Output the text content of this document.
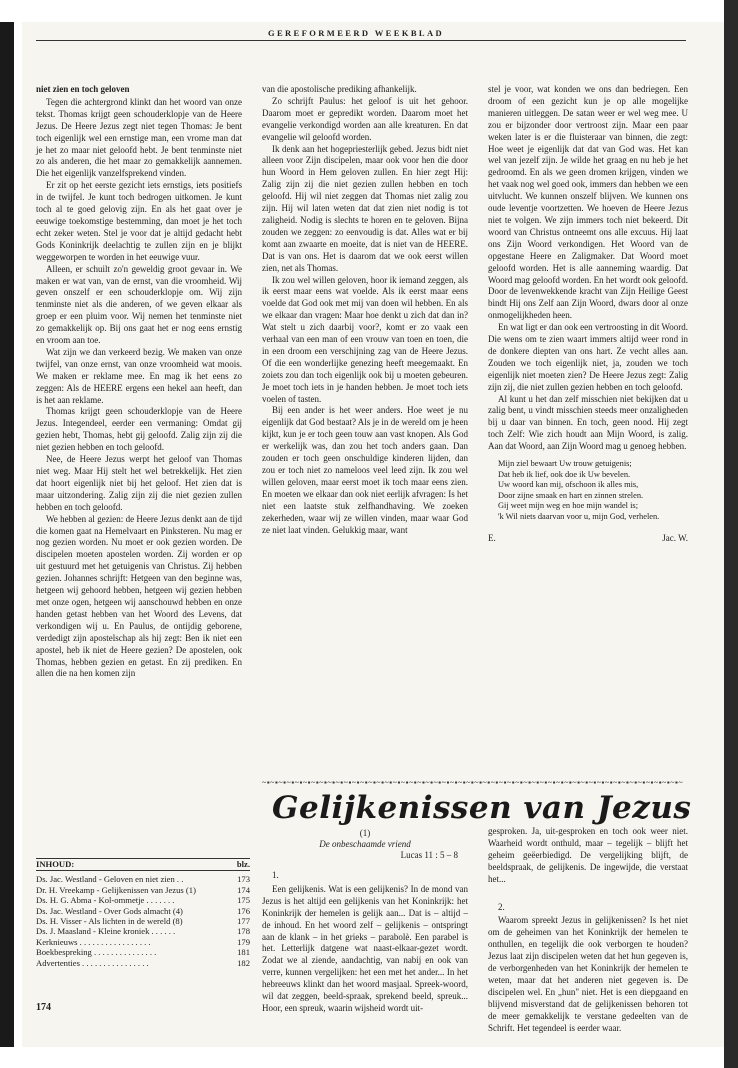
GEREFORMEERD WEEKBLAD
niet zien en toch geloven

Tegen die achtergrond klinkt dan het woord van onze tekst. Thomas krijgt geen schouderklopje van de Heere Jezus. De Heere Jezus zegt niet tegen Thomas: Je bent toch eigenlijk wel een ernstige man, een vrome man dat je het zo maar niet geloofd hebt. Je bent tenminste niet zo als anderen, die het maar zo gemakkelijk aannemen. Die het eigenlijk vanzelfsprekend vinden.

Er zit op het eerste gezicht iets ernstigs, iets positiefs in de twijfel. Je kunt toch bedrogen uitkomen. Je kunt toch al te goed gelovig zijn. En als het gaat over je eeuwige toekomstige bestemming, dan moet je het toch echt zeker weten. Stel je voor dat je altijd gedacht hebt Gods Koninkrijk deelachtig te zullen zijn en je blijkt weggeworpen te worden in het eeuwige vuur.

Alleen, er schuilt zo'n geweldig groot gevaar in. We maken er wat van, van de ernst, van die vroomheid. Wij geven onszelf er een schouderklopje om. Wij zijn tenminste niet als die anderen, of we geven elkaar als groep er een pluim voor. Wij nemen het tenminste niet zo gemakkelijk op. Bij ons gaat het er nog eens ernstig en vroom aan toe.

Wat zijn we dan verkeerd bezig. We maken van onze twijfel, van onze ernst, van onze vroomheid wat moois. We maken er reklame mee. En mag ik het eens zo zeggen: Als de HEERE ergens een hekel aan heeft, dan is het aan reklame.

Thomas krijgt geen schouderklopje van de Heere Jezus. Integendeel, eerder een vermaning: Omdat gij gezien hebt, Thomas, hebt gij geloofd. Zalig zijn zij die niet gezien hebben en toch geloofd.

Nee, de Heere Jezus werpt het geloof van Thomas niet weg. Maar Hij stelt het wel betrekkelijk. Het zien dat hoort eigenlijk niet bij het geloof. Het zien dat is maar uitzondering. Zalig zijn zij die niet gezien zullen hebben en toch geloofd.

We hebben al gezien: de Heere Jezus denkt aan de tijd die komen gaat na Hemelvaart en Pinksteren. Nu mag er nog gezien worden. Nu moet er ook gezien worden. De discipelen moeten apostelen worden. Zij worden er op uit gestuurd met het getuigenis van Christus. Zij hebben gezien. Johannes schrijft: Hetgeen van den beginne was, hetgeen wij gehoord hebben, hetgeen wij gezien hebben met onze ogen, hetgeen wij aanschouwd hebben en onze handen getast hebben van het Woord des Levens, dat verkondigen wij u. En Paulus, de ontijdig geborene, verdedigt zijn apostelschap als hij zegt: Ben ik niet een apostel, heb ik niet de Heere gezien? De apostelen, ook Thomas, hebben gezien en getast. En zij prediken. En allen die na hen komen zijn

van die apostolische prediking afhankelijk.

Zo schrijft Paulus: het geloof is uit het gehoor. Daarom moet er gepredikt worden. Daarom moet het evangelie verkondigd worden aan alle kreaturen. En dat evangelie wil geloofd worden.

Ik denk aan het hogepriesterlijk gebed. Jezus bidt niet alleen voor Zijn discipelen, maar ook voor hen die door hun Woord in Hem geloven zullen. En hier zegt Hij: Zalig zijn zij die niet gezien zullen hebben en toch geloofd. Hij wil niet zeggen dat Thomas niet zalig zou zijn. Hij wil laten weten dat dat zien niet nodig is tot zaligheid. Nodig is slechts te horen en te geloven. Bijna zouden we zeggen: zo eenvoudig is dat. Alles wat er bij komt aan zwaarte en moeite, dat is niet van de HEERE. Dat is van ons. Het is daarom dat we ook eerst willen zien, net als Thomas.

Ik zou wel willen geloven, hoor ik iemand zeggen, als ik eerst maar eens wat voelde. Als ik eerst maar eens voelde dat God ook met mij van doen wil hebben. En als we elkaar dan vragen: Maar hoe denkt u zich dat dan in? Wat stelt u zich daarbij voor?, komt er zo vaak een verhaal van een man of een vrouw van toen en toen, die in een droom een verschijning zag van de Heere Jezus. Of die een wonderlijke genezing heeft meegemaakt. En zoiets zou dan toch eigenlijk ook bij u moeten gebeuren. Je moet toch iets in je handen hebben. Je moet toch iets voelen of tasten.

Bij een ander is het weer anders. Hoe weet je nu eigenlijk dat God bestaat? Als je in de wereld om je heen kijkt, kun je er toch geen touw aan vast knopen. Als God er werkelijk was, dan zou het toch anders gaan. Dan zouden er toch geen onschuldige kinderen lijden, dan zou er toch niet zo nameloos veel leed zijn. Ik zou wel willen geloven, maar eerst moet ik toch maar eens zien. En moeten we elkaar dan ook niet eerlijk afvragen: Is het niet een laatste stuk zelfhandhaving. We zoeken zekerheden, waar wij ze willen vinden, maar waar God ze niet laat vinden. Gelukkig maar, want

stel je voor, wat konden we ons dan bedriegen. Een droom of een gezicht kun je op alle mogelijke manieren uitleggen. De satan weer er wel weg mee. U zou er bijzonder door vertroost zijn. Maar een paar weken later is er die fluisteraar van binnen, die zegt: Hoe weet je eigenlijk dat dat van God was. Het kan wel van jezelf zijn. Je wilde het graag en nu heb je het gedroomd. En als we geen dromen krijgen, vinden we het vaak nog wel goed ook, immers dan hebben we een uitvlucht. We kunnen onszelf blijven. We kunnen ons oude leventje voortzetten. We hoeven de Heere Jezus niet te volgen. We zijn immers toch niet bekeerd. Dit woord van Christus ontneemt ons alle excuus. Hij laat ons Zijn Woord verkondigen. Het Woord van de opgestane Heere en Zaligmaker. Dat Woord moet geloofd worden. Het is alle aanneming waardig. Dat Woord mag geloofd worden. En het wordt ook geloofd. Door de levenwekkende kracht van Zijn Heilige Geest bindt Hij ons Zelf aan Zijn Woord, dwars door al onze onmogelijkheden heen.

En wat ligt er dan ook een vertroosting in dit Woord. Die wens om te zien waart immers altijd weer rond in de donkere diepten van ons hart. Ze vecht alles aan. Zouden we toch eigenlijk niet, ja, zouden we toch eigenlijk niet moeten zien? De Heere Jezus zegt: Zalig zijn zij, die niet zullen gezien hebben en toch geloofd.

Al kunt u het dan zelf misschien niet bekijken dat u zalig bent, u vindt misschien steeds meer onzaligheden bij u daar van binnen. En toch, geen nood. Hij zegt toch Zelf: Wie zich houdt aan Mijn Woord, is zalig. Aan dat Woord, aan Zijn Woord mag u genoeg hebben.

Mijn ziel bewaart Uw trouw getuigenis;
Dat heb ik lief, ook doe ik Uw bevelen.
Uw woord kan mij, ofschoon ik alles mis,
Door zijne smaak en hart en zinnen strelen.
Gij weet mijn weg en hoe mijn wandel is;
'k Wil niets daarvan voor u, mijn God, verhelen.
E.	Jac. W.
INHOUD:	blz.
Ds. Jac. Westland - Geloven en niet zien . .	173
Dr. H. Vreekamp - Gelijkenissen van Jezus (1)	174
Ds. H. G. Abma - Kol-ommetje . . . . . . .	175
Ds. Jac. Westland - Over Gods almacht (4)	176
Ds. H. Visser - Als lichten in de wereld (8)	177
Ds. J. Maasland - Kleine kroniek . . . . . .	178
Kerknieuws . . . . . . . . . . . . . . . . .	179
Boekbespreking . . . . . . . . . . . . . . .	181
Advertenties . . . . . . . . . . . . . . . .	182
174
~▪~▪~▪~▪~▪~▪~▪~▪~▪~▪~▪~▪~▪~▪~▪~▪~▪~▪~▪~▪~▪~▪~▪~▪~▪~▪~▪~▪~▪~▪~▪~▪~▪~▪~▪~▪~▪~▪~▪~▪~▪~▪~▪~▪~▪~▪~▪~▪~▪~▪~▪~
Gelijkenissen van Jezus
(1)
De onbeschaamde vriend
Lucas 11 : 5 – 8
1.

Een gelijkenis. Wat is een gelijkenis? In de mond van Jezus is het altijd een gelijkenis van het Koninkrijk: het Koninkrijk der hemelen is gelijk aan... Dat is – altijd – de inhoud. En het woord zelf – gelijkenis – ontspringt aan de klank – in het grieks – parabolè. Een parabel is het. Letterlijk datgene wat naast-elkaar-gezet wordt. Zodat we al ziende, aandachtig, van nabij en ook van verre, kunnen vergelijken: het een met het ander... In het hebreeuws klinkt dan het woord masjaal. Spreek-woord, wil dat zeggen, beeld-spraak, sprekend beeld, spreuk... Hoor, een spreuk, waarin wijsheid wordt uit-

gesproken. Ja, uit-gesproken en toch ook weer niet. Waarheid wordt onthuld, maar – tegelijk – blijft het geheim geëerbiedigd. De vergelijking blijft, de beeldspraak, de gelijkenis. De ingewijde, die verstaat het...

2.

Waarom spreekt Jezus in gelijkenissen? Is het niet om de geheimen van het Koninkrijk der hemelen te onthullen, en tegelijk die ook verborgen te houden? Jezus laat zijn discipelen weten dat het hun gegeven is, de verborgenheden van het Koninkrijk der hemelen te weten, maar dat het anderen niet gegeven is. De discipelen wel. En „hun" niet. Het is een diepgaand en blijvend misverstand dat de gelijkenissen behoren tot de meer gemakkelijk te verstane gedeelten van de Schrift. Het tegendeel is eerder waar.
